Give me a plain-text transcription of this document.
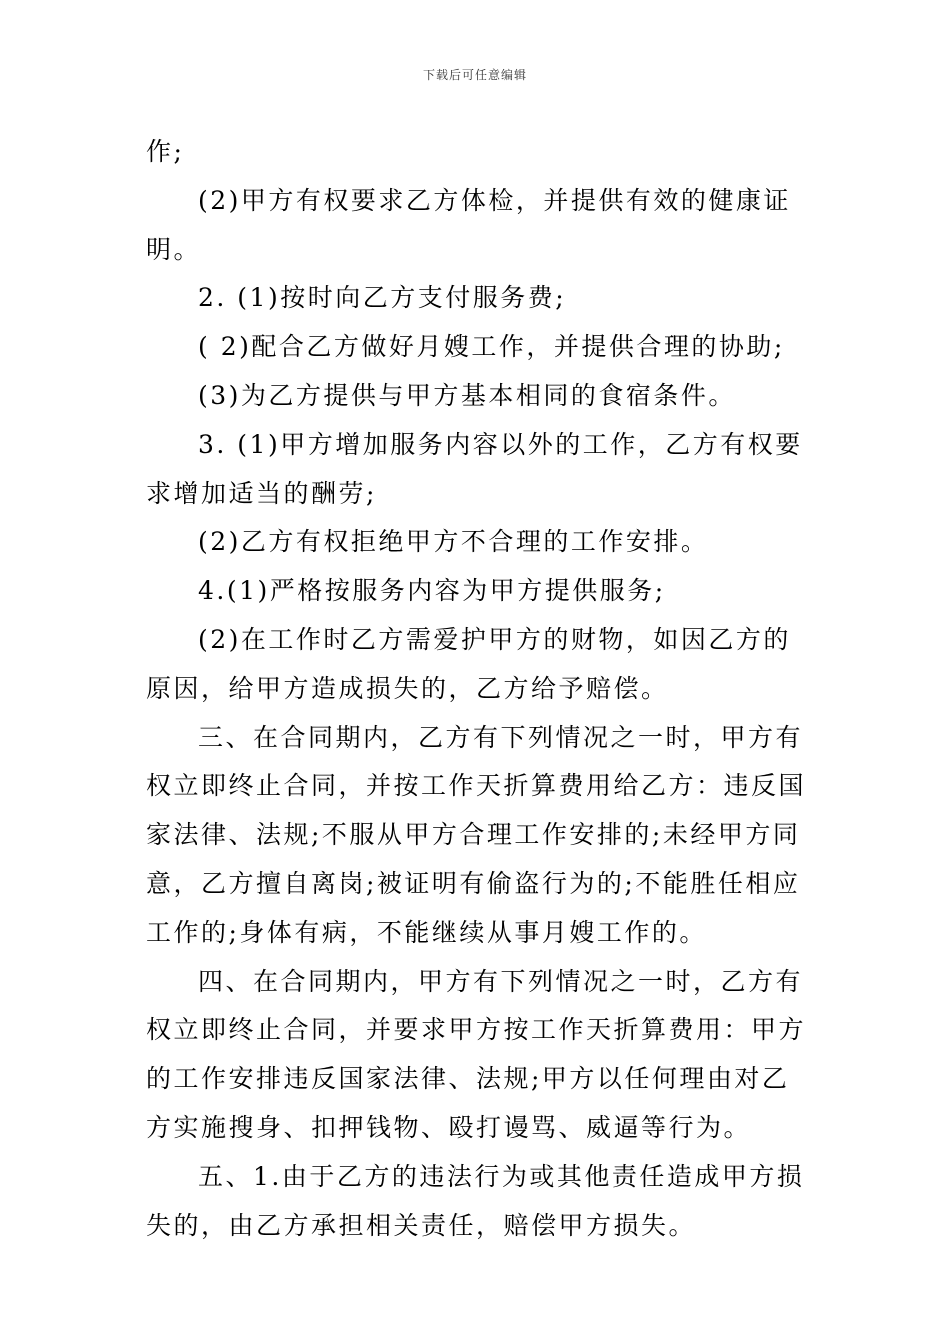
下载后可任意编辑

作;

(2)甲方有权要求乙方体检，并提供有效的健康证明。

2. (1)按时向乙方支付服务费;

( 2)配合乙方做好月嫂工作，并提供合理的协助;

(3)为乙方提供与甲方基本相同的食宿条件。

3. (1)甲方增加服务内容以外的工作，乙方有权要求增加适当的酬劳;

(2)乙方有权拒绝甲方不合理的工作安排。

4.(1)严格按服务内容为甲方提供服务;

(2)在工作时乙方需爱护甲方的财物，如因乙方的原因，给甲方造成损失的，乙方给予赔偿。

三、在合同期内，乙方有下列情况之一时，甲方有权立即终止合同，并按工作天折算费用给乙方：违反国家法律、法规;不服从甲方合理工作安排的;未经甲方同意，乙方擅自离岗;被证明有偷盗行为的;不能胜任相应工作的;身体有病，不能继续从事月嫂工作的。

四、在合同期内，甲方有下列情况之一时，乙方有权立即终止合同，并要求甲方按工作天折算费用：甲方的工作安排违反国家法律、法规;甲方以任何理由对乙方实施搜身、扣押钱物、殴打谩骂、威逼等行为。

五、1.由于乙方的违法行为或其他责任造成甲方损失的，由乙方承担相关责任，赔偿甲方损失。
